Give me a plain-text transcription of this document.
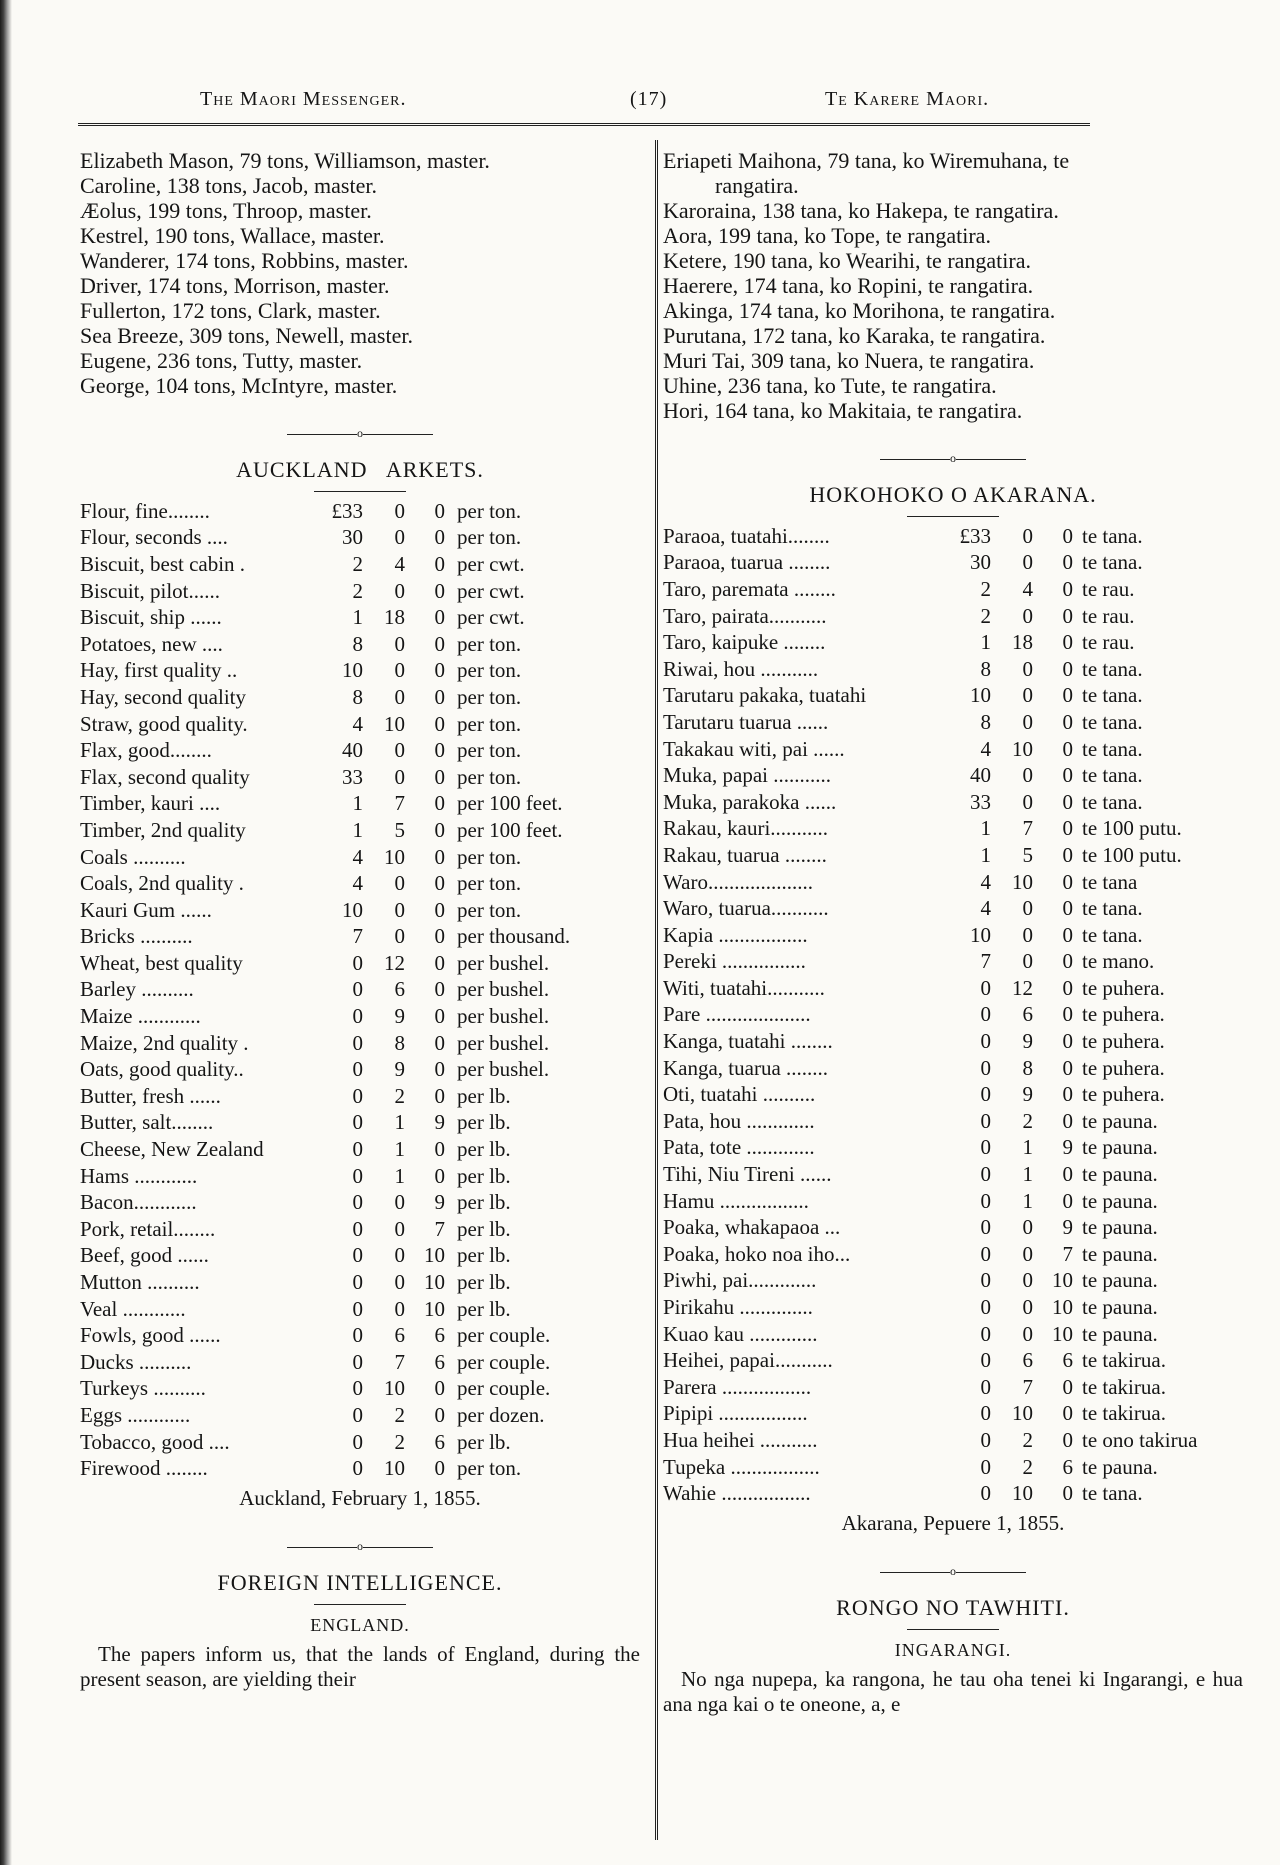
The Maori Messenger.	(17)	Te Karere Maori.
Elizabeth Mason, 79 tons, Williamson, master.
Caroline, 138 tons, Jacob, master.
Æolus, 199 tons, Throop, master.
Kestrel, 190 tons, Wallace, master.
Wanderer, 174 tons, Robbins, master.
Driver, 174 tons, Morrison, master.
Fullerton, 172 tons, Clark, master.
Sea Breeze, 309 tons, Newell, master.
Eugene, 236 tons, Tutty, master.
George, 104 tons, McIntyre, master.
o
AUCKLAND   ARKETS.
Flour, fine........	£33	0	0	per ton.
Flour, seconds ....	30	0	0	per ton.
Biscuit, best cabin .	2	4	0	per cwt.
Biscuit, pilot......	2	0	0	per cwt.
Biscuit, ship ......	1	18	0	per cwt.
Potatoes, new ....	8	0	0	per ton.
Hay, first quality ..	10	0	0	per ton.
Hay, second quality	8	0	0	per ton.
Straw, good quality.	4	10	0	per ton.
Flax, good........	40	0	0	per ton.
Flax, second quality	33	0	0	per ton.
Timber, kauri ....	1	7	0	per 100 feet.
Timber, 2nd quality	1	5	0	per 100 feet.
Coals ..........	4	10	0	per ton.
Coals, 2nd quality .	4	0	0	per ton.
Kauri Gum ......	10	0	0	per ton.
Bricks ..........	7	0	0	per thousand.
Wheat, best quality	0	12	0	per bushel.
Barley ..........	0	6	0	per bushel.
Maize ............	0	9	0	per bushel.
Maize, 2nd quality .	0	8	0	per bushel.
Oats, good quality..	0	9	0	per bushel.
Butter, fresh ......	0	2	0	per lb.
Butter, salt........	0	1	9	per lb.
Cheese, New Zealand	0	1	0	per lb.
Hams ............	0	1	0	per lb.
Bacon............	0	0	9	per lb.
Pork, retail........	0	0	7	per lb.
Beef, good ......	0	0	10	per lb.
Mutton ..........	0	0	10	per lb.
Veal ............	0	0	10	per lb.
Fowls, good ......	0	6	6	per couple.
Ducks ..........	0	7	6	per couple.
Turkeys ..........	0	10	0	per couple.
Eggs ............	0	2	0	per dozen.
Tobacco, good ....	0	2	6	per lb.
Firewood ........	0	10	0	per ton.
Auckland, February 1, 1855.
o
FOREIGN INTELLIGENCE.
ENGLAND.
The papers inform us, that the lands of England, during the present season, are yielding their
Eriapeti Maihona, 79 tana, ko Wiremuhana, te
rangatira.
Karoraina, 138 tana, ko Hakepa, te rangatira.
Aora, 199 tana, ko Tope, te rangatira.
Ketere, 190 tana, ko Wearihi, te rangatira.
Haerere, 174 tana, ko Ropini, te rangatira.
Akinga, 174 tana, ko Morihona, te rangatira.
Purutana, 172 tana, ko Karaka, te rangatira.
Muri Tai, 309 tana, ko Nuera, te rangatira.
Uhine, 236 tana, ko Tute, te rangatira.
Hori, 164 tana, ko Makitaia, te rangatira.
o
HOKOHOKO O AKARANA.
Paraoa, tuatahi........	£33	0	0	te tana.
Paraoa, tuarua ........	30	0	0	te tana.
Taro, paremata ........	2	4	0	te rau.
Taro, pairata...........	2	0	0	te rau.
Taro, kaipuke ........	1	18	0	te rau.
Riwai, hou ...........	8	0	0	te tana.
Tarutaru pakaka, tuatahi	10	0	0	te tana.
Tarutaru tuarua ......	8	0	0	te tana.
Takakau witi, pai ......	4	10	0	te tana.
Muka, papai ...........	40	0	0	te tana.
Muka, parakoka ......	33	0	0	te tana.
Rakau, kauri...........	1	7	0	te 100 putu.
Rakau, tuarua ........	1	5	0	te 100 putu.
Waro....................	4	10	0	te tana
Waro, tuarua...........	4	0	0	te tana.
Kapia .................	10	0	0	te tana.
Pereki ................	7	0	0	te mano.
Witi, tuatahi...........	0	12	0	te puhera.
Pare ....................	0	6	0	te puhera.
Kanga, tuatahi ........	0	9	0	te puhera.
Kanga, tuarua ........	0	8	0	te puhera.
Oti, tuatahi ..........	0	9	0	te puhera.
Pata, hou .............	0	2	0	te pauna.
Pata, tote .............	0	1	9	te pauna.
Tihi, Niu Tireni ......	0	1	0	te pauna.
Hamu .................	0	1	0	te pauna.
Poaka, whakapaoa ...	0	0	9	te pauna.
Poaka, hoko noa iho...	0	0	7	te pauna.
Piwhi, pai.............	0	0	10	te pauna.
Pirikahu ..............	0	0	10	te pauna.
Kuao kau .............	0	0	10	te pauna.
Heihei, papai...........	0	6	6	te takirua.
Parera .................	0	7	0	te takirua.
Pipipi .................	0	10	0	te takirua.
Hua heihei ...........	0	2	0	te ono takirua
Tupeka .................	0	2	6	te pauna.
Wahie .................	0	10	0	te tana.
Akarana, Pepuere 1, 1855.
o
RONGO NO TAWHITI.
INGARANGI.
No nga nupepa, ka rangona, he tau oha tenei ki Ingarangi, e hua ana nga kai o te oneone, a, e
